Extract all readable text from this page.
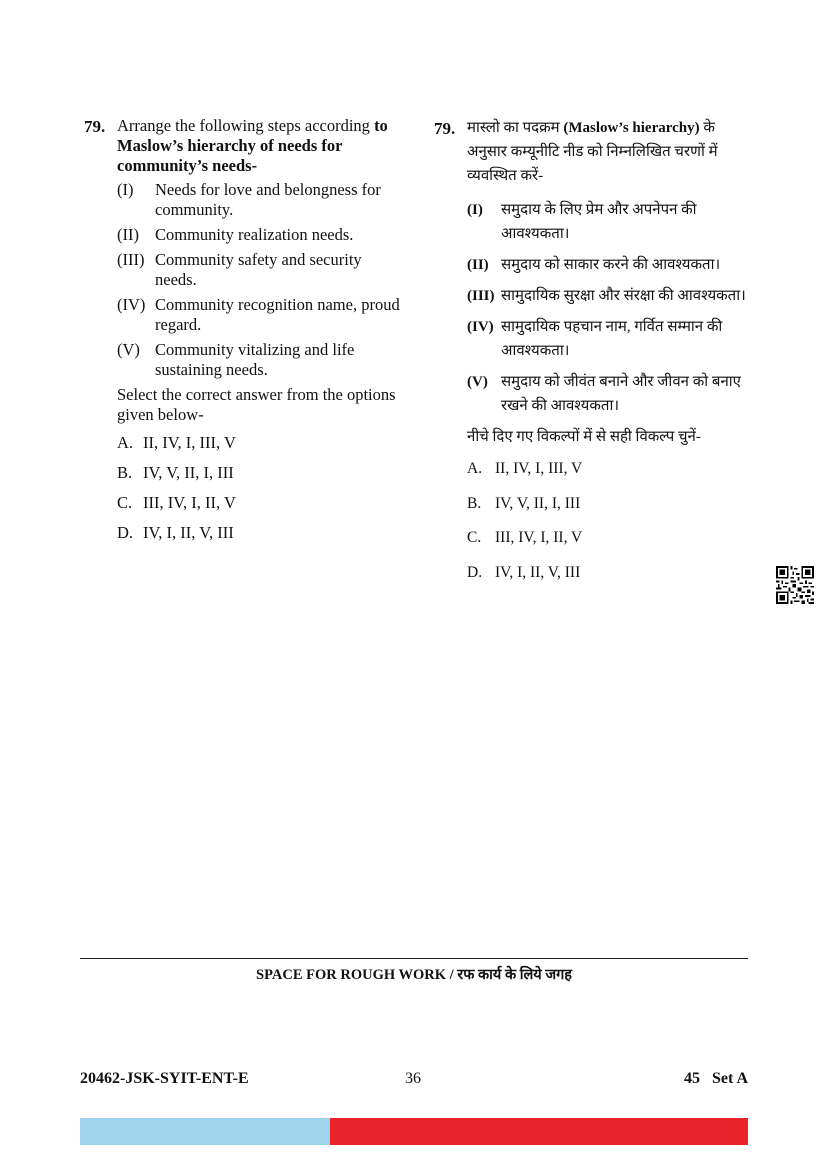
79. Arrange the following steps according to Maslow’s hierarchy of needs for community’s needs-
(I)	Needs for love and belongness for community.
(II) Community realization needs.
(III) Community safety and security needs.
(IV) Community recognition name, proud regard.
(V) Community vitalizing and life sustaining needs.
Select the correct answer from the options given below-
A. II, IV, I, III, V
B. IV, V, II, I, III
C. III, IV, I, II, V
D. IV, I, II, V, III
79. मास्लो का पदक्रम (Maslow’s hierarchy) के अनुसार कम्यूनीटि नीड को निम्नलिखित चरणों में व्यवस्थित करें-
(I)	समुदाय के लिए प्रेम और अपनेपन की आवश्यकता।
(II) समुदाय को साकार करने की आवश्यकता।
(III) सामुदायिक सुरक्षा और संरक्षा की आवश्यकता।
(IV) सामुदायिक पहचान नाम, गर्वित सम्मान की आवश्यकता।
(V) समुदाय को जीवंत बनाने और जीवन को बनाए रखने की आवश्यकता।
नीचे दिए गए विकल्पों में से सही विकल्प चुनें-
A. II, IV, I, III, V
B. IV, V, II, I, III
C. III, IV, I, II, V
D. IV, I, II, V, III
SPACE FOR ROUGH WORK / रफ कार्य के लिये जगह
20462-JSK-SYIT-ENT-E	36	45   Set A
